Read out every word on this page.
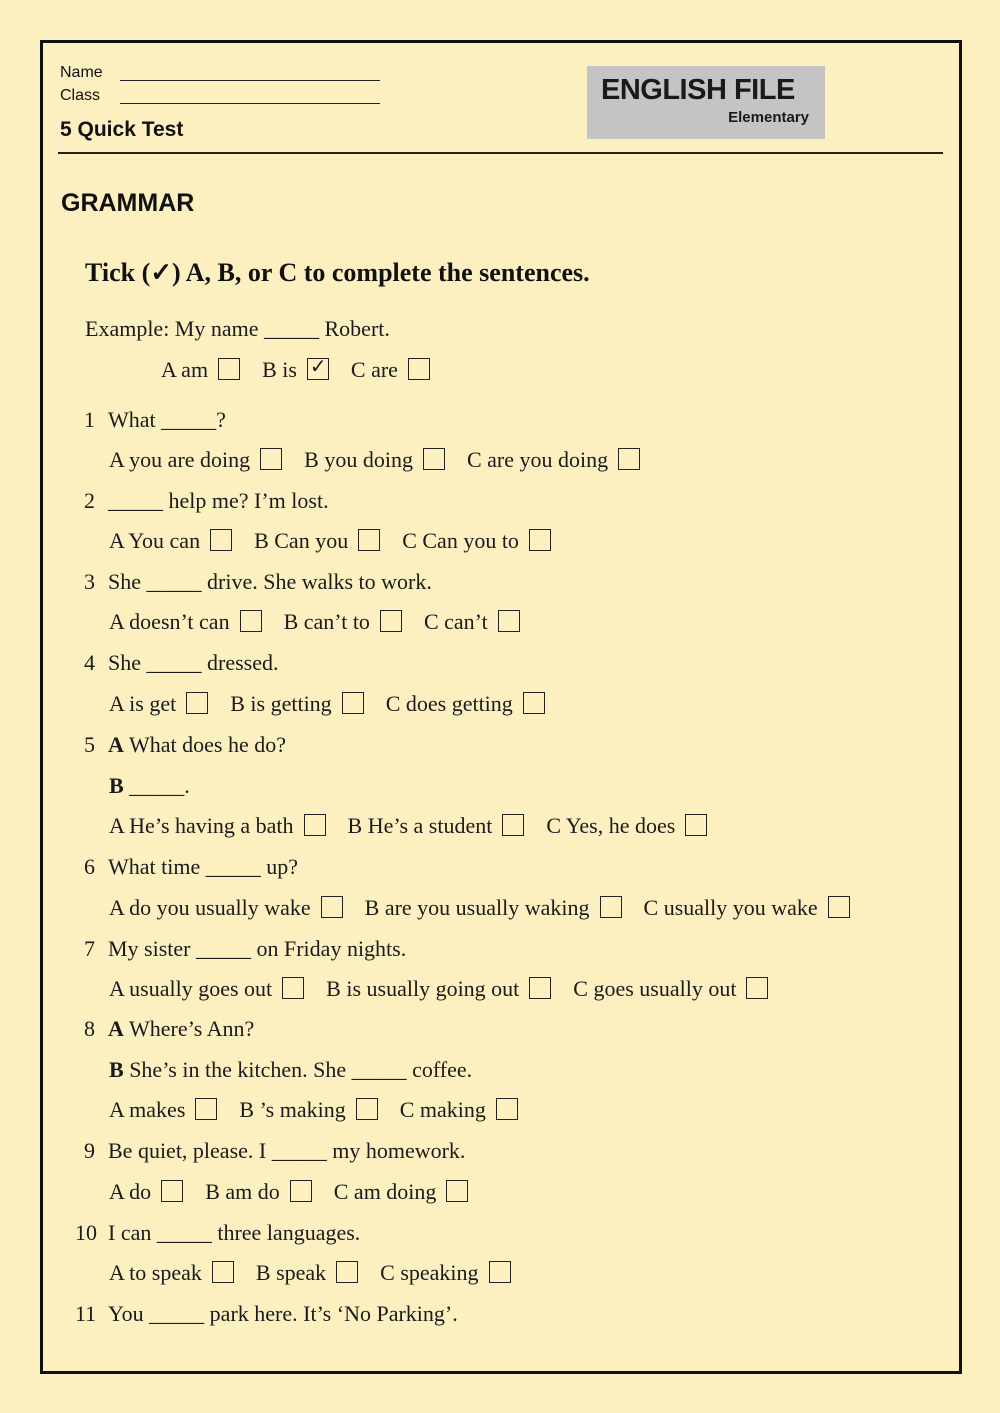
Name
Class
5 Quick Test
ENGLISH FILE
Elementary
GRAMMAR
Tick (✓) A, B, or C to complete the sentences.
Example: My name _____ Robert.
A am B is ✓ C are
1 What _____?
A you are doing B you doing C are you doing
2 _____ help me? I’m lost.
A You can B Can you C Can you to
3 She _____ drive. She walks to work.
A doesn’t can B can’t to C can’t
4 She _____ dressed.
A is get B is getting C does getting
5 A What does he do?
B _____.
A He’s having a bath B He’s a student C Yes, he does
6 What time _____ up?
A do you usually wake B are you usually waking C usually you wake
7 My sister _____ on Friday nights.
A usually goes out B is usually going out C goes usually out
8 A Where’s Ann?
B She’s in the kitchen. She _____ coffee.
A makes B ’s making C making
9 Be quiet, please. I _____ my homework.
A do B am do C am doing
10 I can _____ three languages.
A to speak B speak C speaking
11 You _____ park here. It’s ‘No Parking’.
